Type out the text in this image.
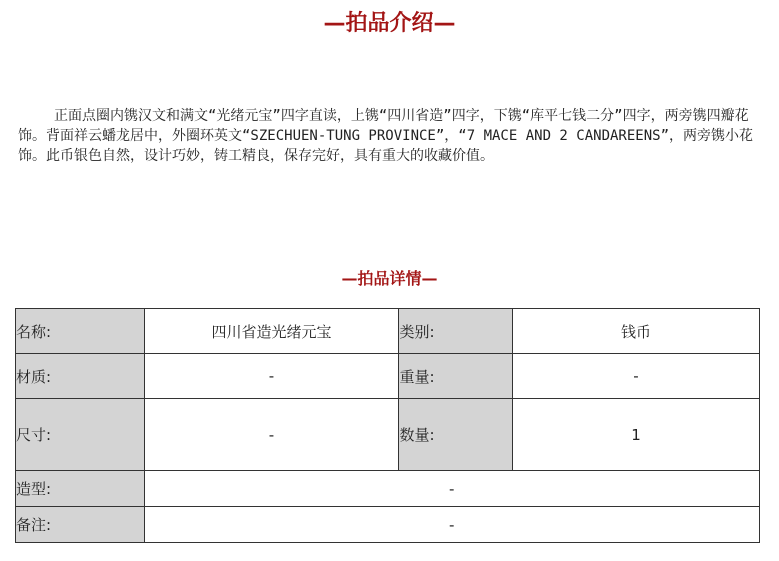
—拍品介绍—

正面点圈内镌汉文和满文“光绪元宝”四字直读，上镌“四川省造”四字，下镌“库平七钱二分”四字，两旁镌四瓣花饰。背面祥云蟠龙居中，外圈环英文“SZECHUEN-TUNG PROVINCE”，“7 MACE AND 2 CANDAREENS”，两旁镌小花饰。此币银色自然，设计巧妙，铸工精良，保存完好，具有重大的收藏价值。

—拍品详情—
名称:	四川省造光绪元宝	类别:	钱币
材质:	-	重量:	-
尺寸:	-	数量:	1
造型:	-		
备注:	-		
